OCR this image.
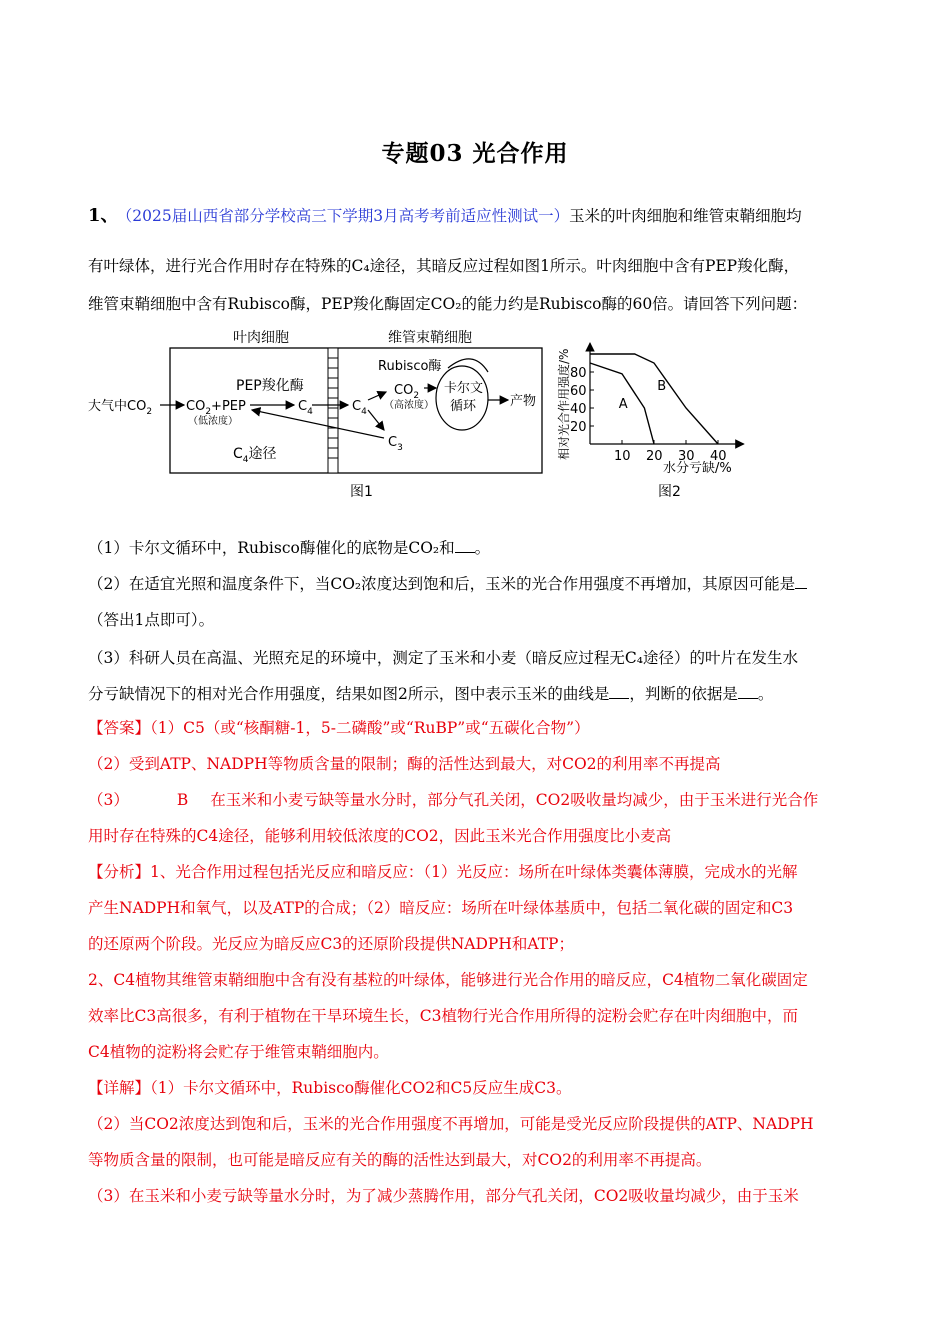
专题03 光合作用
1、 （2025届山西省部分学校高三下学期3月高考考前适应性测试一）玉米的叶肉细胞和维管束鞘细胞均
有叶绿体，进行光合作用时存在特殊的C₄途径，其暗反应过程如图1所示。叶肉细胞中含有PEP羧化酶，
维管束鞘细胞中含有Rubisco酶，PEP羧化酶固定CO₂的能力约是Rubisco酶的60倍。请回答下列问题：
叶肉细胞	维管束鞘细胞
大气中$CO_2$	$CO_2+PEP$
（低浓度）
PEP羧化酶
$C_4$	$C_4$
$C_3$
Rubisco酶
$CO_2$
（高浓度）
卡尔文
循环	产物
$C_4$途径
图1
相对光合作用强度/%	10 20 30 40
20
40
60
80
A
B
水分亏缺/%
图2
（1）卡尔文循环中，Rubisco酶催化的底物是CO₂和 。
（2）在适宜光照和温度条件下，当CO₂浓度达到饱和后，玉米的光合作用强度不再增加，其原因可能是
（答出1点即可）。
（3）科研人员在高温、光照充足的环境中，测定了玉米和小麦（暗反应过程无C₄途径）的叶片在发生水
分亏缺情况下的相对光合作用强度，结果如图2所示，图中表示玉米的曲线是 ，判断的依据是 。
【答案】（1）C5（或“核酮糖-1，5-二磷酸”或“RuBP”或“五碳化合物”）
（2）受到ATP、NADPH等物质含量的限制；酶的活性达到最大，对CO2的利用率不再提高
（3）	B 在玉米和小麦亏缺等量水分时，部分气孔关闭，CO2吸收量均减少，由于玉米进行光合作
用时存在特殊的C4途径，能够利用较低浓度的CO2，因此玉米光合作用强度比小麦高
【分析】1、光合作用过程包括光反应和暗反应：（1）光反应：场所在叶绿体类囊体薄膜，完成水的光解
产生NADPH和氧气，以及ATP的合成；（2）暗反应：场所在叶绿体基质中，包括二氧化碳的固定和C3
的还原两个阶段。光反应为暗反应C3的还原阶段提供NADPH和ATP；
2、C4植物其维管束鞘细胞中含有没有基粒的叶绿体，能够进行光合作用的暗反应，C4植物二氧化碳固定
效率比C3高很多，有利于植物在干旱环境生长，C3植物行光合作用所得的淀粉会贮存在叶肉细胞中，而
C4植物的淀粉将会贮存于维管束鞘细胞内。
【详解】（1）卡尔文循环中，Rubisco酶催化CO2和C5反应生成C3。
（2）当CO2浓度达到饱和后，玉米的光合作用强度不再增加，可能是受光反应阶段提供的ATP、NADPH
等物质含量的限制，也可能是暗反应有关的酶的活性达到最大，对CO2的利用率不再提高。
（3）在玉米和小麦亏缺等量水分时，为了减少蒸腾作用，部分气孔关闭，CO2吸收量均减少，由于玉米
